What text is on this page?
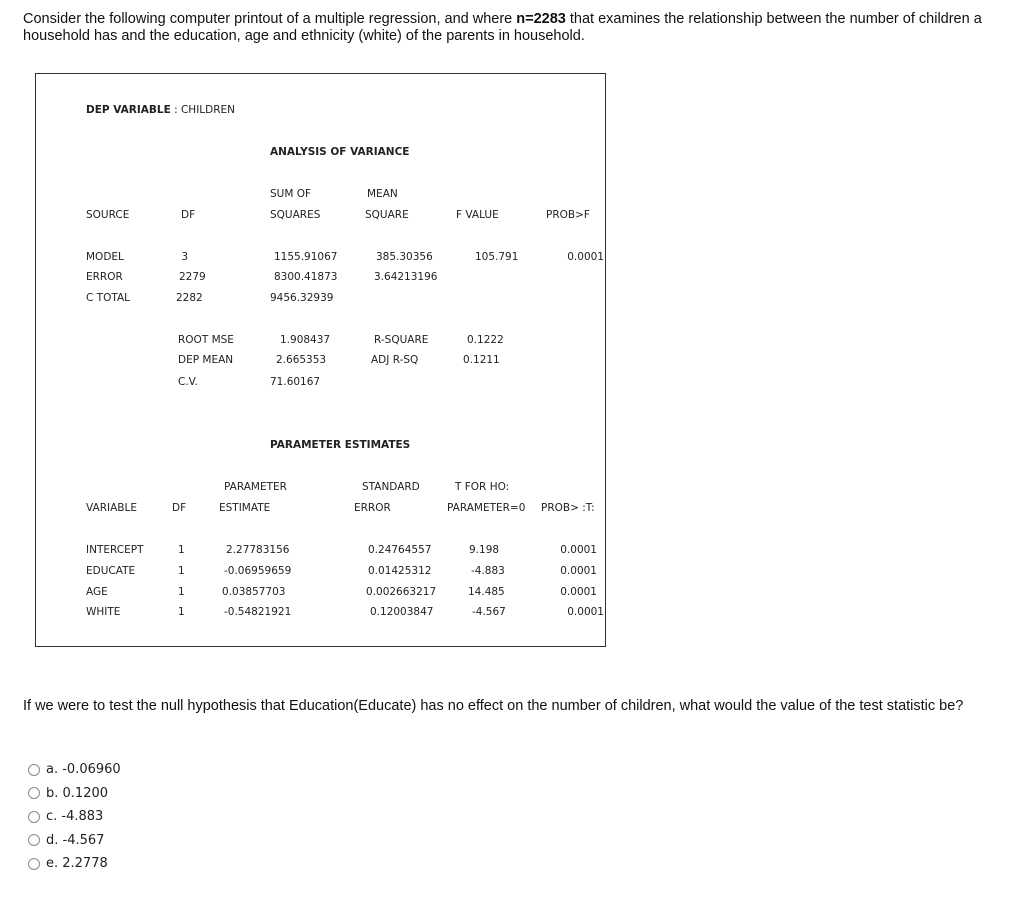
Consider the following computer printout of a multiple regression, and where n=2283 that examines the relationship between the number of children a household has and the education, age and ethnicity (white) of the parents in household.
DEP VARIABLE : CHILDREN
ANALYSIS OF VARIANCE
SUM OF	MEAN
SOURCE	DF	SQUARES	SQUARE	F VALUE	PROB>F
MODEL	3	1155.91067	385.30356	105.791	0.0001
ERROR	2279	8300.41873	3.64213196
C TOTAL	2282	9456.32939
ROOT MSE	1.908437	R-SQUARE	0.1222
DEP MEAN	2.665353	ADJ R-SQ	0.1211
C.V.	71.60167
PARAMETER ESTIMATES
PARAMETER	STANDARD	T FOR HO:
VARIABLE	DF	ESTIMATE	ERROR	PARAMETER=0 PROB> :T:
INTERCEPT	1	2.27783156	0.24764557	9.198	0.0001
EDUCATE	1	-0.06959659	0.01425312	-4.883	0.0001
AGE	1	0.03857703	0.002663217	14.485	0.0001
WHITE	1	-0.54821921	0.12003847	-4.567	0.0001
If we were to test the null hypothesis that Education(Educate) has no effect on the number of children, what would the value of the test statistic be?
a. -0.06960
b. 0.1200
c. -4.883
d. -4.567
e. 2.2778
